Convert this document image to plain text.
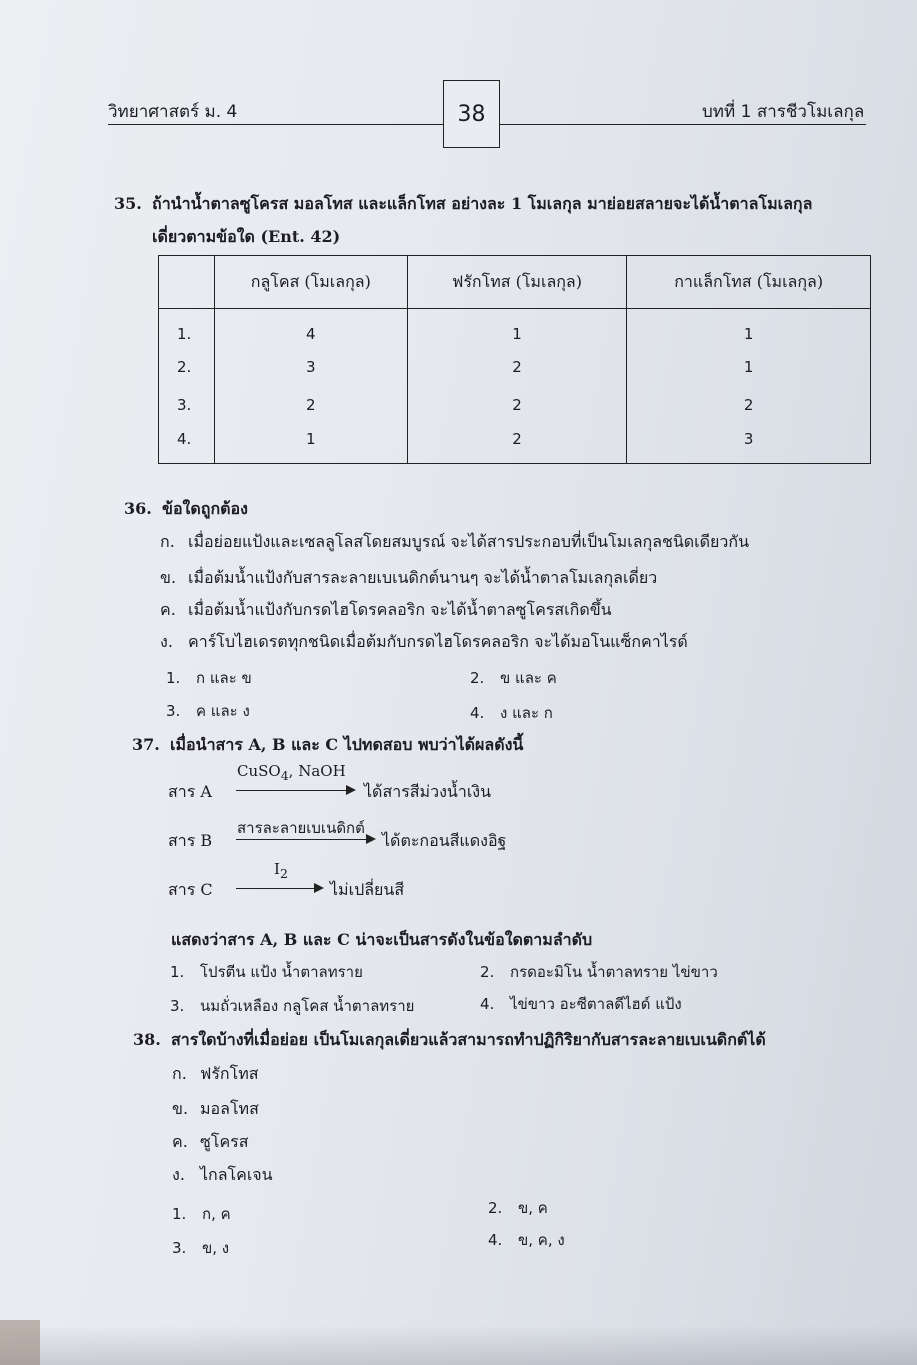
วิทยาศาสตร์ ม. 4	38	บทที่ 1 สารชีวโมเลกุล
35. ถ้านำน้ำตาลซูโครส มอลโทส และแล็กโทส อย่างละ 1 โมเลกุล มาย่อยสลายจะได้น้ำตาลโมเลกุล
เดี่ยวตามข้อใด (Ent. 42)
	กลูโคส (โมเลกุล)	ฟรักโทส (โมเลกุล)	กาแล็กโทส (โมเลกุล)
1.	4	1	1
2.	3	2	1
3.	2	2	2
4.	1	2	3
36. ข้อใดถูกต้อง
ก. เมื่อย่อยแป้งและเซลลูโลสโดยสมบูรณ์ จะได้สารประกอบที่เป็นโมเลกุลชนิดเดียวกัน
ข. เมื่อต้มน้ำแป้งกับสารละลายเบเนดิกต์นานๆ จะได้น้ำตาลโมเลกุลเดี่ยว
ค. เมื่อต้มน้ำแป้งกับกรดไฮโดรคลอริก จะได้น้ำตาลซูโครสเกิดขึ้น
ง. คาร์โบไฮเดรตทุกชนิดเมื่อต้มกับกรดไฮโดรคลอริก จะได้มอโนแซ็กคาไรด์
1. ก และ ข	2. ข และ ค
3. ค และ ง	4. ง และ ก
37. เมื่อนำสาร A, B และ C ไปทดสอบ พบว่าได้ผลดังนี้
สาร A
CuSO$_4$, NaOH
ได้สารสีม่วงน้ำเงิน
สาร B
สารละลายเบเนดิกต์
ได้ตะกอนสีแดงอิฐ
สาร C
$I_2$
ไม่เปลี่ยนสี
แสดงว่าสาร A, B และ C น่าจะเป็นสารดังในข้อใดตามลำดับ
1. โปรตีน แป้ง น้ำตาลทราย	2. กรดอะมิโน น้ำตาลทราย ไข่ขาว
3. นมถั่วเหลือง กลูโคส น้ำตาลทราย	4. ไข่ขาว อะซีตาลดีไฮด์ แป้ง
38. สารใดบ้างที่เมื่อย่อย เป็นโมเลกุลเดี่ยวแล้วสามารถทำปฏิกิริยากับสารละลายเบเนดิกต์ได้
ก. ฟรักโทส
ข. มอลโทส
ค. ซูโครส
ง. ไกลโคเจน
1. ก, ค	2. ข, ค
3. ข, ง	4. ข, ค, ง
